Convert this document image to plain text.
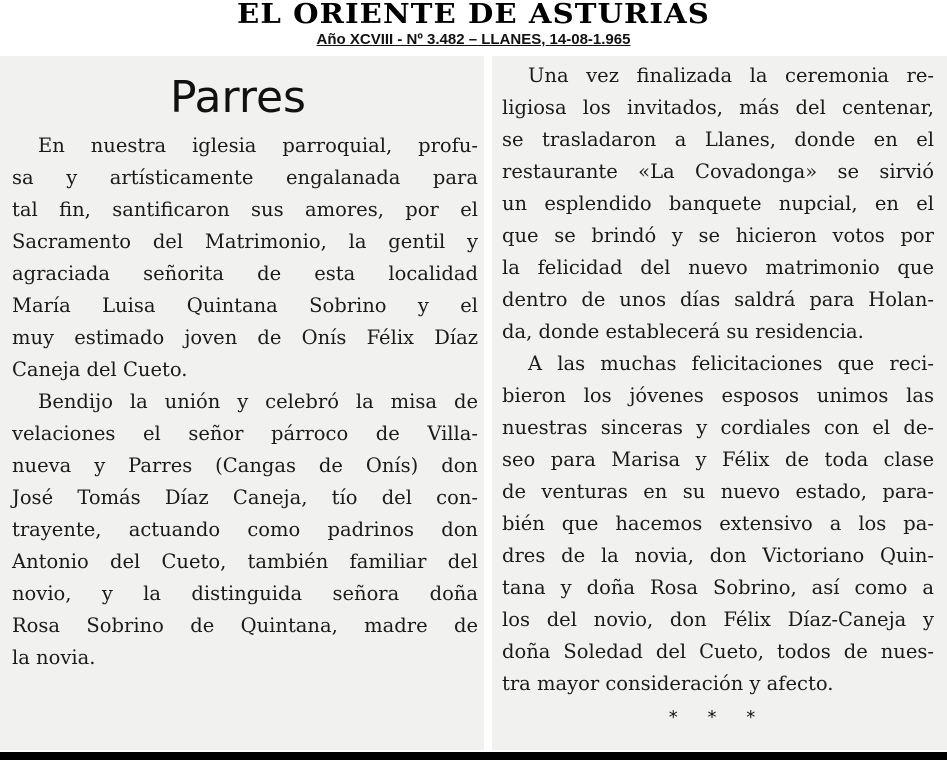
EL ORIENTE DE ASTURIAS
Año XCVIII - Nº 3.482 – LLANES, 14-08-1.965
Parres
En nuestra iglesia parroquial, profu-
sa y artísticamente engalanada para
tal fin, santificaron sus amores, por el
Sacramento del Matrimonio, la gentil y
agraciada señorita de esta localidad
María Luisa Quintana Sobrino y el
muy estimado joven de Onís Félix Díaz
Caneja del Cueto.
Bendijo la unión y celebró la misa de
velaciones el señor párroco de Villa-
nueva y Parres (Cangas de Onís) don
José Tomás Díaz Caneja, tío del con-
trayente, actuando como padrinos don
Antonio del Cueto, también familiar del
novio, y la distinguida señora doña
Rosa Sobrino de Quintana, madre de
la novia.
Una vez finalizada la ceremonia re-
ligiosa los invitados, más del centenar,
se trasladaron a Llanes, donde en el
restaurante «La Covadonga» se sirvió
un esplendido banquete nupcial, en el
que se brindó y se hicieron votos por
la felicidad del nuevo matrimonio que
dentro de unos días saldrá para Holan-
da, donde establecerá su residencia.
A las muchas felicitaciones que reci-
bieron los jóvenes esposos unimos las
nuestras sinceras y cordiales con el de-
seo para Marisa y Félix de toda clase
de venturas en su nuevo estado, para-
bién que hacemos extensivo a los pa-
dres de la novia, don Victoriano Quin-
tana y doña Rosa Sobrino, así como a
los del novio, don Félix Díaz-Caneja y
doña Soledad del Cueto, todos de nues-
tra mayor consideración y afecto.
* * *
